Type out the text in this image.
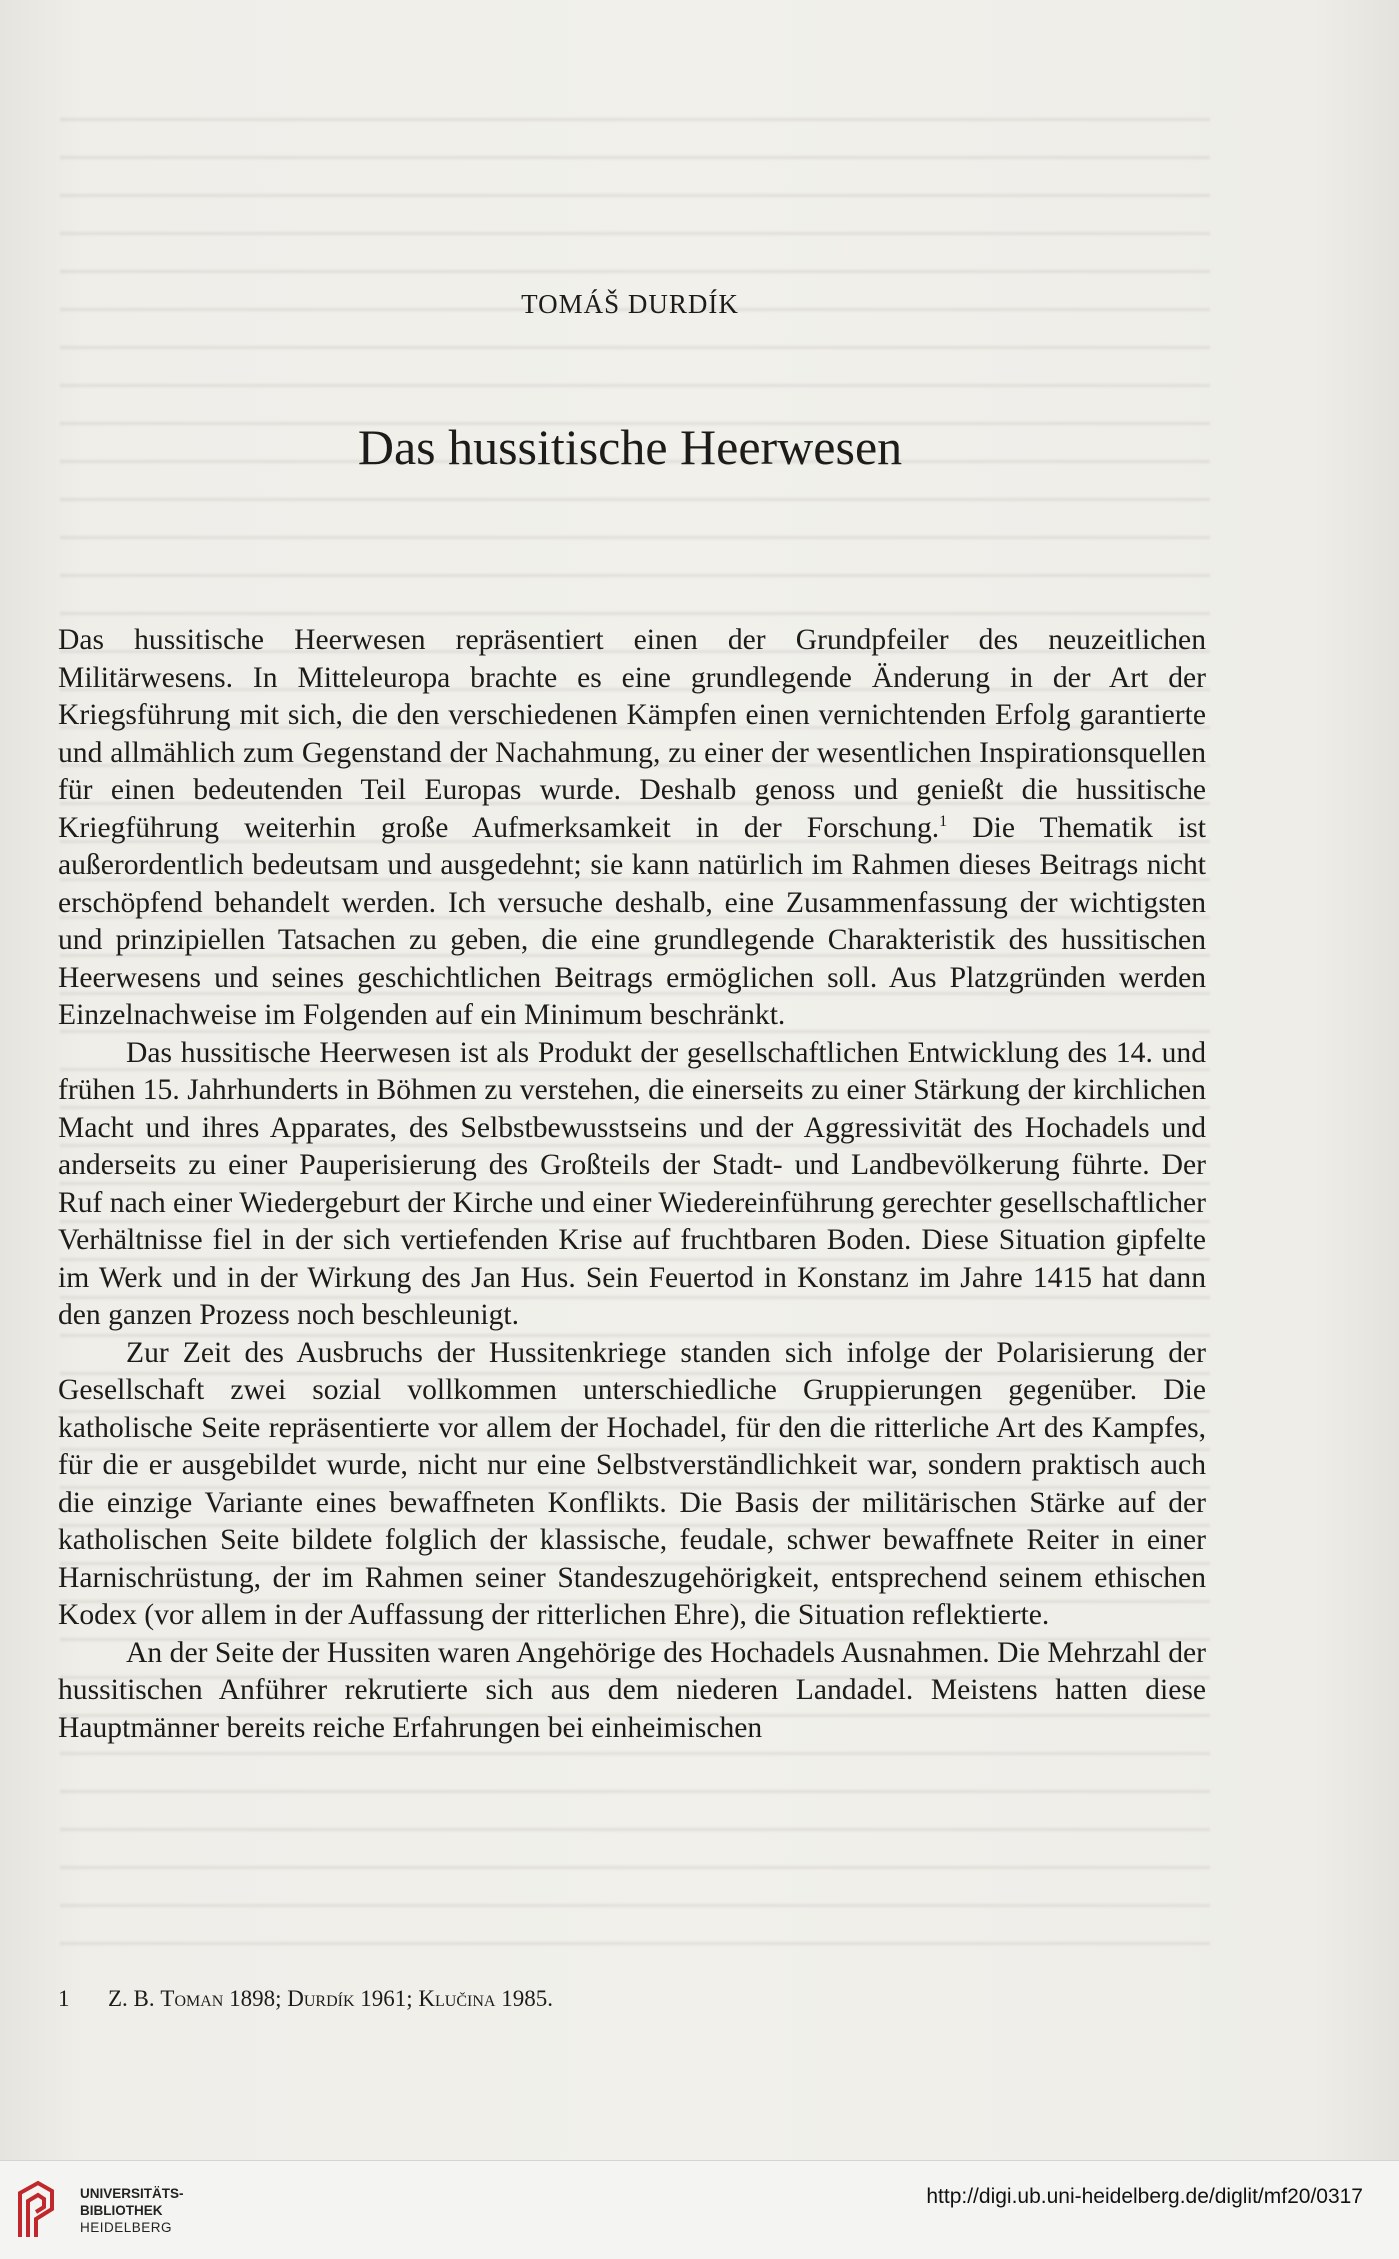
TOMÁŠ DURDÍK
Das hussitische Heerwesen

Das hussitische Heerwesen repräsentiert einen der Grundpfeiler des neuzeitlichen Militärwesens. In Mitteleuropa brachte es eine grundlegende Änderung in der Art der Kriegsführung mit sich, die den verschiedenen Kämpfen einen vernichtenden Erfolg garantierte und allmählich zum Gegenstand der Nachahmung, zu einer der wesentlichen Inspirationsquellen für einen bedeutenden Teil Europas wurde. Deshalb genoss und genießt die hussitische Kriegführung weiterhin große Aufmerksamkeit in der Forschung.$^1$ Die Thematik ist außerordentlich bedeutsam und ausgedehnt; sie kann natürlich im Rahmen dieses Beitrags nicht erschöpfend behandelt werden. Ich versuche deshalb, eine Zusammenfassung der wichtigsten und prinzipiellen Tatsachen zu geben, die eine grundlegende Charakteristik des hussitischen Heerwesens und seines geschichtlichen Beitrags ermöglichen soll. Aus Platzgründen werden Einzelnachweise im Folgenden auf ein Minimum beschränkt.

Das hussitische Heerwesen ist als Produkt der gesellschaftlichen Entwicklung des 14. und frühen 15. Jahrhunderts in Böhmen zu verstehen, die einerseits zu einer Stärkung der kirchlichen Macht und ihres Apparates, des Selbstbewusstseins und der Aggressivität des Hochadels und anderseits zu einer Pauperisierung des Großteils der Stadt- und Landbevölkerung führte. Der Ruf nach einer Wiedergeburt der Kirche und einer Wiedereinführung gerechter gesellschaftlicher Verhältnisse fiel in der sich vertiefenden Krise auf fruchtbaren Boden. Diese Situation gipfelte im Werk und in der Wirkung des Jan Hus. Sein Feuertod in Konstanz im Jahre 1415 hat dann den ganzen Prozess noch beschleunigt.

Zur Zeit des Ausbruchs der Hussitenkriege standen sich infolge der Polarisierung der Gesellschaft zwei sozial vollkommen unterschiedliche Gruppierungen gegenüber. Die katholische Seite repräsentierte vor allem der Hochadel, für den die ritterliche Art des Kampfes, für die er ausgebildet wurde, nicht nur eine Selbstverständlichkeit war, sondern praktisch auch die einzige Variante eines bewaffneten Konflikts. Die Basis der militärischen Stärke auf der katholischen Seite bildete folglich der klassische, feudale, schwer bewaffnete Reiter in einer Harnischrüstung, der im Rahmen seiner Standeszugehörigkeit, entsprechend seinem ethischen Kodex (vor allem in der Auffassung der ritterlichen Ehre), die Situation reflektierte.

An der Seite der Hussiten waren Angehörige des Hochadels Ausnahmen. Die Mehrzahl der hussitischen Anführer rekrutierte sich aus dem niederen Landadel. Meistens hatten diese Hauptmänner bereits reiche Erfahrungen bei einheimischen

1 Z. B. Toman 1898; Durdík 1961; Klučina 1985.
UNIVERSITÄTS-
BIBLIOTHEK
HEIDELBERG
http://digi.ub.uni-heidelberg.de/diglit/mf20/0317
